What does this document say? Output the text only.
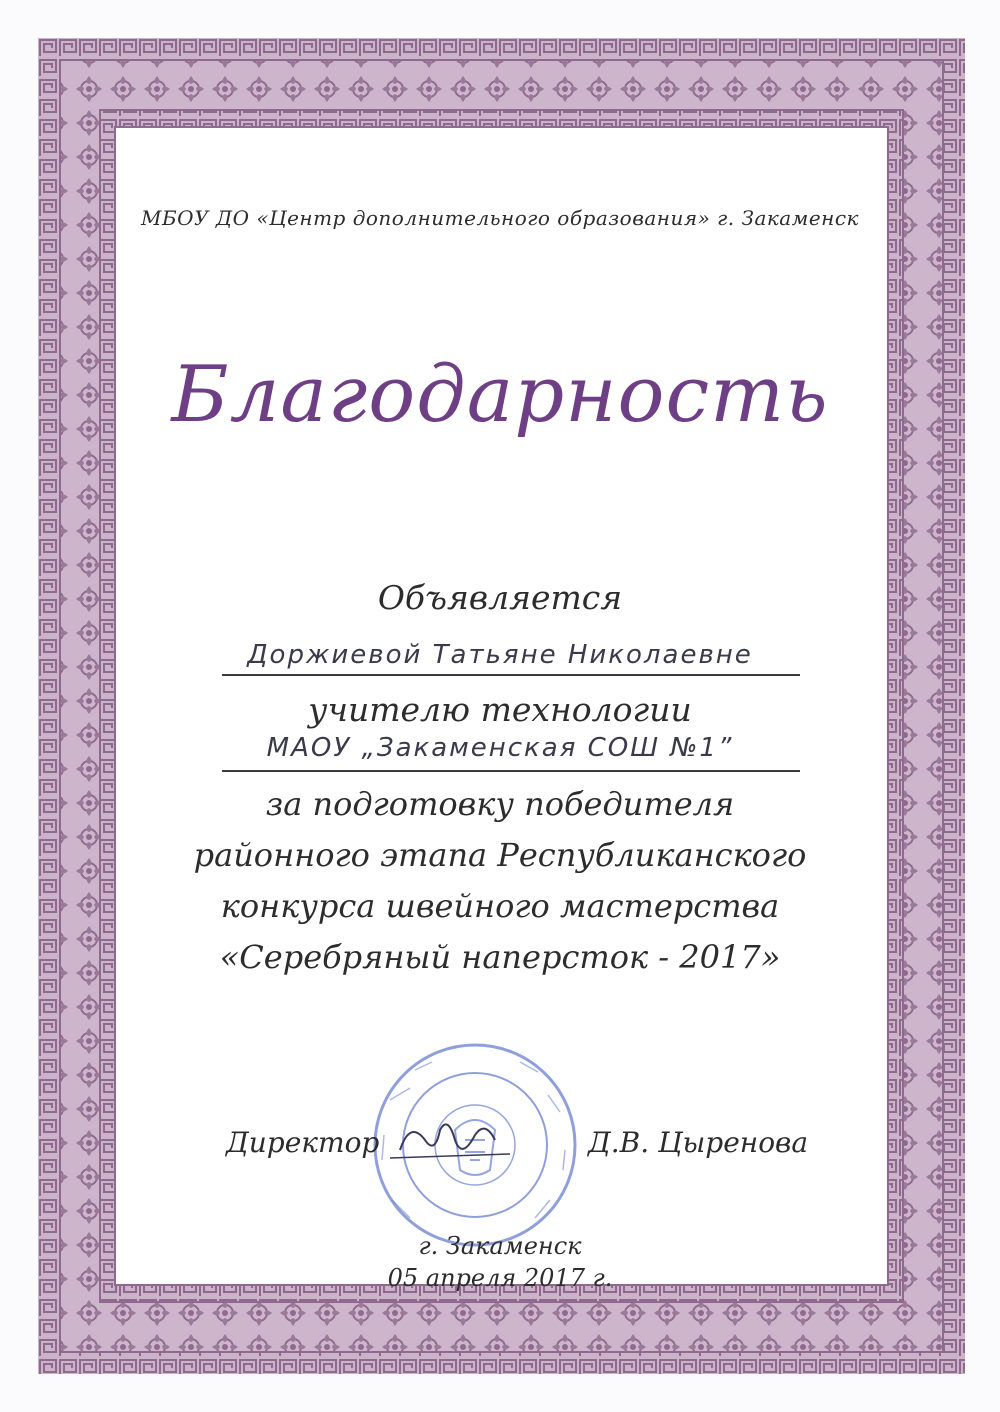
МБОУ ДО «Центр дополнительного образования» г. Закаменск
Благодарность
Объявляется
Доржиевой Татьяне Николаевне
учителю технологии
МАОУ „Закаменская СОШ №1”
за подготовку победителя
районного этапа Республиканского
конкурса швейного мастерства
«Серебряный наперсток - 2017»
Директор	Д.В. Цыренова
г. Закаменск
05 апреля 2017 г.
